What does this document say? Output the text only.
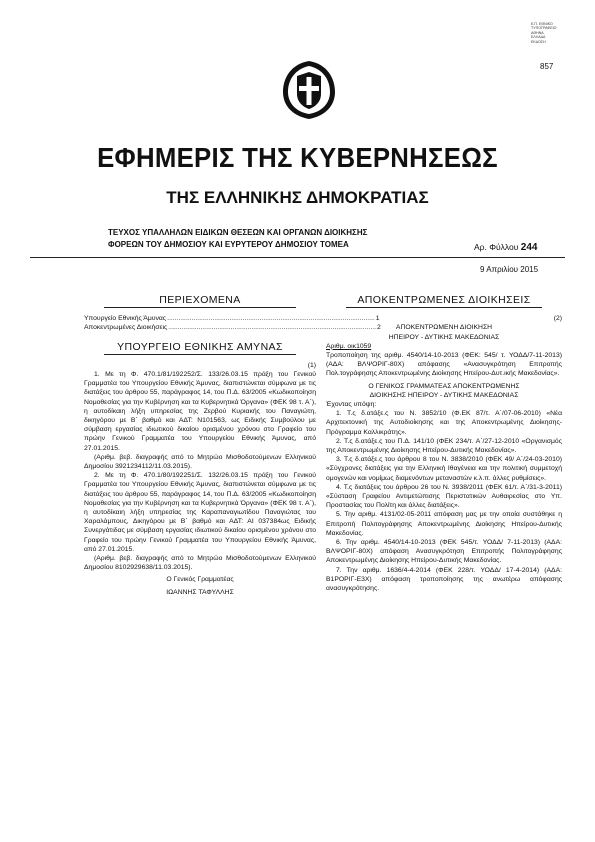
Ε.Π. ΕΘΝΙΚΟ
ΤΥΠΟΓΡΑΦΕΙΟ
ΑΘΗΝΑ
ΕΛΛΑΔΑ
ΕΚΔΟΣΗ
857
ΕΦΗΜΕΡΙΣ ΤΗΣ ΚΥΒΕΡΝΗΣΕΩΣ
ΤΗΣ ΕΛΛΗΝΙΚΗΣ ΔΗΜΟΚΡΑΤΙΑΣ
ΤΕΥΧΟΣ ΥΠΑΛΛΗΛΩΝ ΕΙΔΙΚΩΝ ΘΕΣΕΩΝ ΚΑΙ ΟΡΓΑΝΩΝ ΔΙΟΙΚΗΣΗΣ
ΦΟΡΕΩΝ ΤΟΥ ΔΗΜΟΣΙΟΥ ΚΑΙ ΕΥΡΥΤΕΡΟΥ ΔΗΜΟΣΙΟΥ ΤΟΜΕΑ	Αρ. Φύλλου 244
9 Απριλίου 2015
ΠΕΡΙΕΧΟΜΕΝΑ
Υπουργείο Εθνικής Άμυνας .............................................................................................................. 1
Αποκεντρωμένες Διοικήσεις .............................................................................................................. 2
ΥΠΟΥΡΓΕΙΟ ΕΘΝΙΚΗΣ ΑΜΥΝΑΣ
(1)

1. Με τη Φ. 470.1/81/192252/Σ. 133/26.03.15 πράξη του Γενικού Γραμματέα του Υπουργείου Εθνικής Άμυνας, διαπιστώνεται σύμφωνα με τις διατάξεις του άρθρου 55, παράγραφος 14, του Π.Δ. 63/2005 «Κωδικοποίηση Νομοθεσίας για την Κυβέρνηση και τα Κυβερνητικά Όργανα» (ΦΕΚ 98 τ. Α΄), η αυτοδίκαιη λήξη υπηρεσίας της Ζερβού Κυριακής του Παναγιώτη, δικηγόρου με Β΄ βαθμό και ΑΔΤ: Ν101563, ως Ειδικής Συμβούλου με σύμβαση εργασίας ιδιωτικού δικαίου ορισμένου χρόνου στο Γραφείο του πρώην Γενικού Γραμματέα του Υπουργείου Εθνικής Άμυνας, από 27.01.2015.

(Αριθμ. βεβ. διαγραφής από το Μητρώο Μισθοδοτούμενων Ελληνικού Δημοσίου 3921234112/11.03.2015).

2. Με τη Φ. 470.1/80/192251/Σ. 132/26.03.15 πράξη του Γενικού Γραμματέα του Υπουργείου Εθνικής Άμυνας, διαπιστώνεται σύμφωνα με τις διατάξεις του άρθρου 55, παράγραφος 14, του Π.Δ. 63/2005 «Κωδικοποίηση Νομοθεσίας για την Κυβέρνηση και τα Κυβερνητικά Όργανα» (ΦΕΚ 98 τ. Α΄), η αυτοδίκαιη λήξη υπηρεσίας της Καραπαναγιωτίδου Παναγιώτας του Χαραλάμπους, Δικηγόρου με Β΄ βαθμό και ΑΔΤ: ΑΙ 037384ως Ειδικής Συνεργάτιδας με σύμβαση εργασίας ιδιωτικού δικαίου ορισμένου χρόνου στο Γραφείο του πρώην Γενικού Γραμματέα του Υπουργείου Εθνικής Άμυνας, από 27.01.2015.

(Αριθμ. βεβ. διαγραφής από το Μητρώο Μισθοδοτούμενων Ελληνικού Δημοσίου 8102929638/11.03.2015).

Ο Γενικός Γραμματέας

ΙΩΑΝΝΗΣ ΤΑΦΥΛΛΗΣ

ΑΠΟΚΕΝΤΡΩΜΕΝΕΣ ΔΙΟΙΚΗΣΕΙΣ
(2)

ΑΠΟΚΕΝΤΡΩΜΕΝΗ ΔΙΟΙΚΗΣΗ

ΗΠΕΙΡΟΥ - ΔΥΤΙΚΗΣ ΜΑΚΕΔΟΝΙΑΣ

Αριθμ. οικ1059

Τροποποίηση της αριθμ. 4540/14-10-2013 (ΦΕΚ: 545/ τ. ΥΟΔΔ/7-11-2013) (ΑΔΑ: ΒΛΨΟΡΙΓ-80Χ) απόφασης «Ανασυγκρότηση Επιτροπής Πολ.τογράφησης Αποκεντρωμένης Διοίκησης Ηπείρου-Δυτ.ικής Μακεδονίας».

Ο ΓΕΝΙΚΟΣ ΓΡΑΜΜΑΤΕΑΣ ΑΠΟΚΕΝΤΡΩΜΕΝΗΣ

ΔΙΟΙΚΗΣΗΣ ΗΠΕΙΡΟΥ - ΔΥΤΙΚΗΣ ΜΑΚΕΔΟΝΙΑΣ

Έχοντας υπόψη:

1. Τ.ς δ.ατάξε.ς του Ν. 3852/10 (Φ.ΕΚ 87/τ. Α΄/07-06-2010) «Νέα Αρχιτεκτονική της Αυτοδιοίκησης και της Αποκεντρωμένης Διοίκησης-Πρόγραμμα Καλλικράτης».

2. Τ.ς δ.ατάξε.ς του Π.Δ. 141/10 (ΦΕΚ 234/τ. Α΄/27-12-2010 «Οργανισμός της Αποκεντρωμένης Διοίκησης Ηπείρου-Δυτικής Μακεδονίας».

3. Τ.ς δ.ατάξε.ς του άρθρου 8 του Ν. 3838/2010 (ΦΕΚ 49/ Α΄/24-03-2010) «Σύγχρονες διατάξεις για την Ελληνική Ιθαγένεια και την πολιτική συμμετοχή ομογενών και νομίμως διαμενόντων μεταναστών κ.λ.π. άλλες ρυθμίσεις».

4. Τ.ς διατάξεις του άρθρου 26 του Ν. 3938/2011 (ΦΕΚ 61/τ. Α΄/31-3-2011) «Σύσταση Γραφείου Αντιμετώπισης Περιστατικών Αυθαιρεσίας στο Υπ. Προστασίας του Πολίτη και άλλες διατάξεις».

5. Την αριθμ. 4131/02-05-2011 απόφαση μας με την οποία συστάθηκε η Επιτροπή Πολιτογράφησης Αποκεντρωμένης Διοίκησης Ηπείρου-Δυτικής Μακεδονίας.

6. Την αριθμ. 4540/14-10-2013 (ΦΕΚ 545/τ. ΥΟΔΔ/ 7-11-2013) (ΑΔΑ: ΒΛΨΟΡΙΓ-80Χ) απόφαση Ανασυγκρότηση Επιτροπής Πολιτογράφησης Αποκεντρωμένης Διοίκησης Ηπείρου-Δυτικής Μακεδονίας.

7. Την αριθμ. 1636/4-4-2014 (ΦΕΚ 228/τ. ΥΟΔΔ/ 17-4-2014) (ΑΔΑ: Β1ΡΟΡΙΓ-Ε3Χ) απόφαση τροποποίησης της ανωτέρω απόφασης ανασυγκρότησης.
